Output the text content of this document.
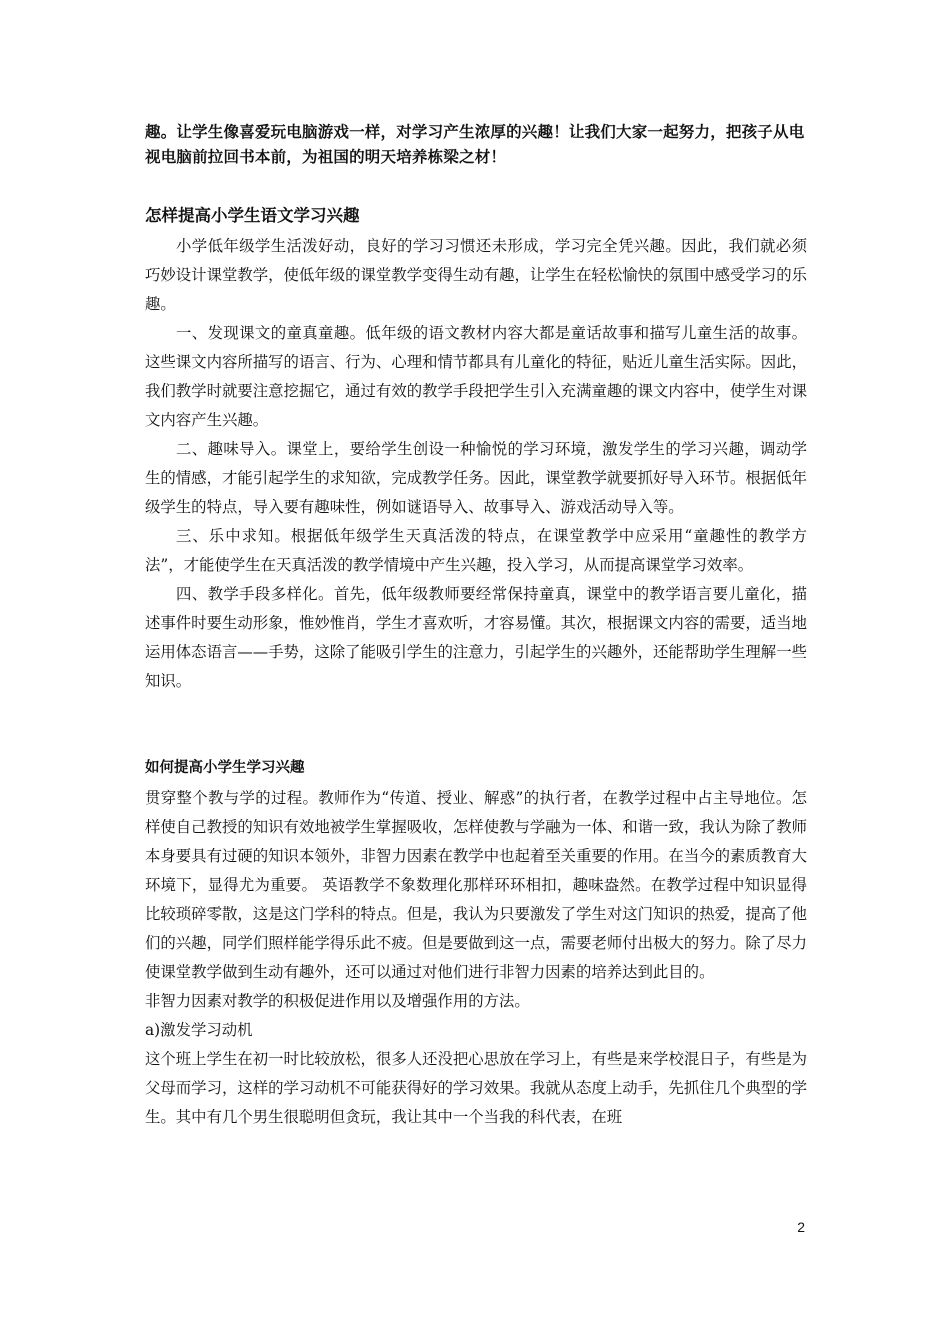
趣。让学生像喜爱玩电脑游戏一样，对学习产生浓厚的兴趣！让我们大家一起努力，把孩子从电视电脑前拉回书本前，为祖国的明天培养栋梁之材！

怎样提高小学生语文学习兴趣

小学低年级学生活泼好动，良好的学习习惯还未形成，学习完全凭兴趣。因此，我们就必须巧妙设计课堂教学，使低年级的课堂教学变得生动有趣，让学生在轻松愉快的氛围中感受学习的乐趣。

一、发现课文的童真童趣。低年级的语文教材内容大都是童话故事和描写儿童生活的故事。这些课文内容所描写的语言、行为、心理和情节都具有儿童化的特征，贴近儿童生活实际。因此，我们教学时就要注意挖掘它，通过有效的教学手段把学生引入充满童趣的课文内容中，使学生对课文内容产生兴趣。

二、趣味导入。课堂上，要给学生创设一种愉悦的学习环境，激发学生的学习兴趣，调动学生的情感，才能引起学生的求知欲，完成教学任务。因此，课堂教学就要抓好导入环节。根据低年级学生的特点，导入要有趣味性，例如谜语导入、故事导入、游戏活动导入等。

三、乐中求知。根据低年级学生天真活泼的特点，在课堂教学中应采用“童趣性的教学方法”，才能使学生在天真活泼的教学情境中产生兴趣，投入学习，从而提高课堂学习效率。

四、教学手段多样化。首先，低年级教师要经常保持童真，课堂中的教学语言要儿童化，描述事件时要生动形象，惟妙惟肖，学生才喜欢听，才容易懂。其次，根据课文内容的需要，适当地运用体态语言——手势，这除了能吸引学生的注意力，引起学生的兴趣外，还能帮助学生理解一些知识。

如何提高小学生学习兴趣

贯穿整个教与学的过程。教师作为“传道、授业、解惑”的执行者，在教学过程中占主导地位。怎样使自己教授的知识有效地被学生掌握吸收，怎样使教与学融为一体、和谐一致，我认为除了教师本身要具有过硬的知识本领外，非智力因素在教学中也起着至关重要的作用。在当今的素质教育大环境下，显得尤为重要。 英语教学不象数理化那样环环相扣，趣味盎然。在教学过程中知识显得比较琐碎零散，这是这门学科的特点。但是，我认为只要激发了学生对这门知识的热爱，提高了他们的兴趣，同学们照样能学得乐此不疲。但是要做到这一点，需要老师付出极大的努力。除了尽力使课堂教学做到生动有趣外，还可以通过对他们进行非智力因素的培养达到此目的。

非智力因素对教学的积极促进作用以及增强作用的方法。

a)激发学习动机

这个班上学生在初一时比较放松，很多人还没把心思放在学习上，有些是来学校混日子，有些是为父母而学习，这样的学习动机不可能获得好的学习效果。我就从态度上动手，先抓住几个典型的学生。其中有几个男生很聪明但贪玩，我让其中一个当我的科代表，在班

2
